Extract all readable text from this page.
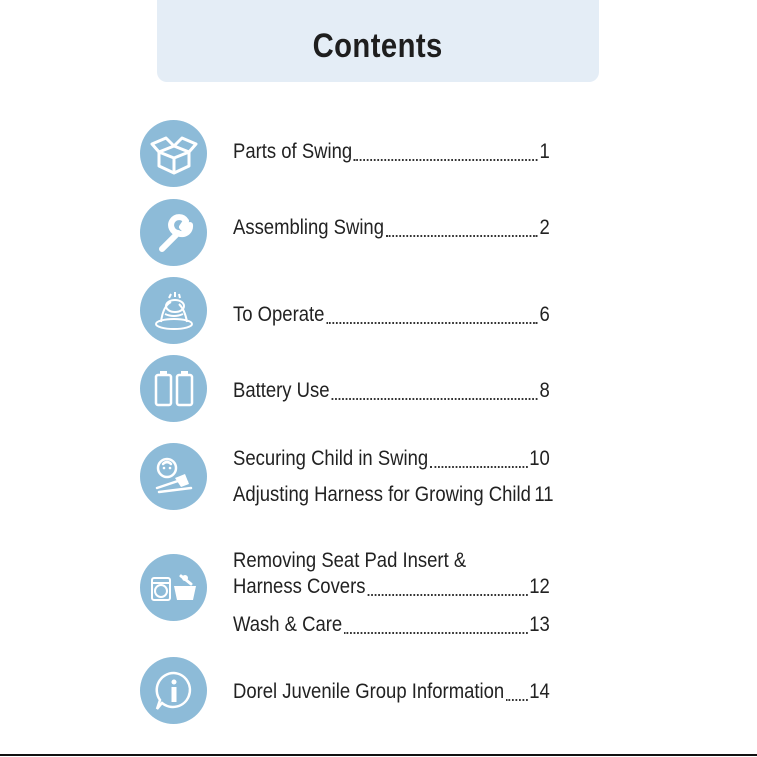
Contents
Parts of Swing	1
Assembling Swing	2
To Operate	6
Battery Use	8
Securing Child in Swing	10
Adjusting Harness for Growing Child 11
Removing Seat Pad Insert &
Harness Covers	12
Wash & Care	13
Dorel Juvenile Group Information 14
